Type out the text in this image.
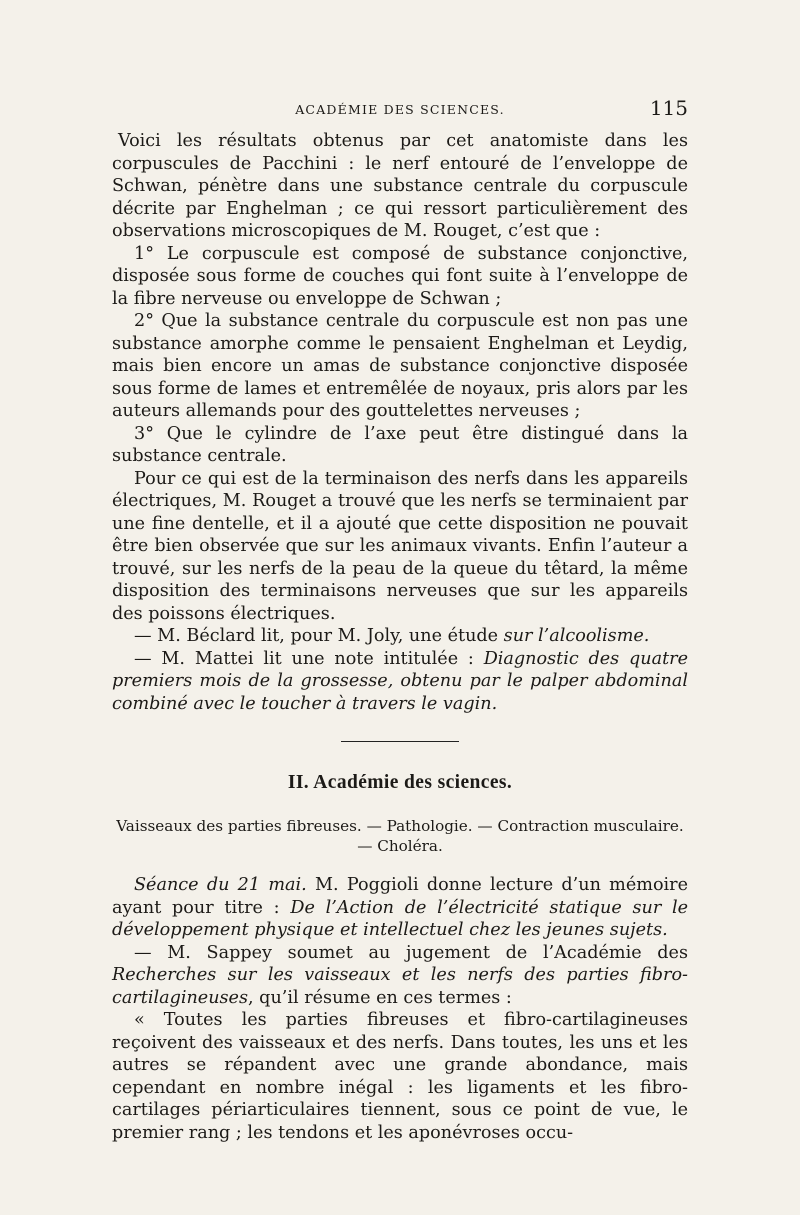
ACADÉMIE DES SCIENCES.	115

Voici les résultats obtenus par cet anatomiste dans les corpuscules de Pacchini : le nerf entouré de l’enveloppe de Schwan, pénètre dans une substance centrale du corpuscule décrite par Enghelman ; ce qui ressort particulièrement des observations microscopiques de M. Rouget, c’est que :

1° Le corpuscule est composé de substance conjonctive, disposée sous forme de couches qui font suite à l’enveloppe de la fibre nerveuse ou enveloppe de Schwan ;

2° Que la substance centrale du corpuscule est non pas une substance amorphe comme le pensaient Enghelman et Leydig, mais bien encore un amas de substance conjonctive disposée sous forme de lames et entremêlée de noyaux, pris alors par les auteurs allemands pour des gouttelettes nerveuses ;

3° Que le cylindre de l’axe peut être distingué dans la substance centrale.

Pour ce qui est de la terminaison des nerfs dans les appareils électriques, M. Rouget a trouvé que les nerfs se terminaient par une fine dentelle, et il a ajouté que cette disposition ne pouvait être bien observée que sur les animaux vivants. Enfin l’auteur a trouvé, sur les nerfs de la peau de la queue du têtard, la même disposition des terminaisons nerveuses que sur les appareils des poissons électriques.

— M. Béclard lit, pour M. Joly, une étude sur l’alcoolisme.

— M. Mattei lit une note intitulée : Diagnostic des quatre premiers mois de la grossesse, obtenu par le palper abdominal combiné avec le toucher à travers le vagin.

II. Académie des sciences.
Vaisseaux des parties fibreuses. — Pathologie. — Contraction musculaire. — Choléra.

Séance du 21 mai. M. Poggioli donne lecture d’un mémoire ayant pour titre : De l’Action de l’électricité statique sur le développement physique et intellectuel chez les jeunes sujets.

— M. Sappey soumet au jugement de l’Académie des Recherches sur les vaisseaux et les nerfs des parties fibro-cartilagineuses, qu’il résume en ces termes :

« Toutes les parties fibreuses et fibro-cartilagineuses reçoivent des vaisseaux et des nerfs. Dans toutes, les uns et les autres se répandent avec une grande abondance, mais cependant en nombre inégal : les ligaments et les fibro-cartilages périarticulaires tiennent, sous ce point de vue, le premier rang ; les tendons et les aponévroses occu-
